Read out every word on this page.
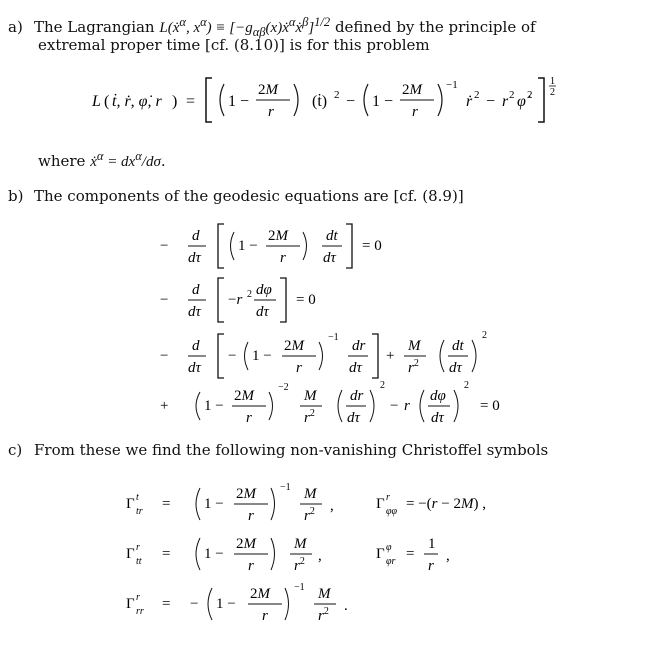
a) The Lagrangian L(ẋ$^\alpha$, $x^\alpha$) ≡ $[-g_{\alpha\beta}(x)ẋ^\alpha ẋ^\beta]^{1/2}$ defined by the principle of
extremal proper time [cf. (8.10)] is for this problem
L ( ṫ, ṙ, φ̇, r ) = 1 −
2M
r
(ṫ) 2 − 1 −
2M
r
−1
ṙ 2 − r 2 φ̇ 2
1
2
where ẋ$^\alpha$ = $dx^\alpha/d\sigma$.
b) The components of the geodesic equations are [cf. (8.9)]
−
d
dτ
1 −
2M
r
dt
dτ
= 0
−
d
dτ
−r 2 dφ
dτ
= 0
−
d
dτ
− 1 −
2M
r
−1
dr
dτ
+
M
$r^2$
dt
dτ
2
+ 1 −
2M
r
−2
M
$r^2$
dr
dτ
2
− r
dφ
dτ
2
= 0
c) From these we find the following non-vanishing Christoffel symbols
Γ t
tr = 1 −
2M
r
−1 M
$r^2$ ,	Γ r
φφ = −(r − 2M) ,
Γ r
tt = 1 −
2M
r
M
$r^2$ ,	Γ φ
φr =
1
r
,
Γ r
rr = − 1 −
2M
r
−1 M
$r^2$ .
